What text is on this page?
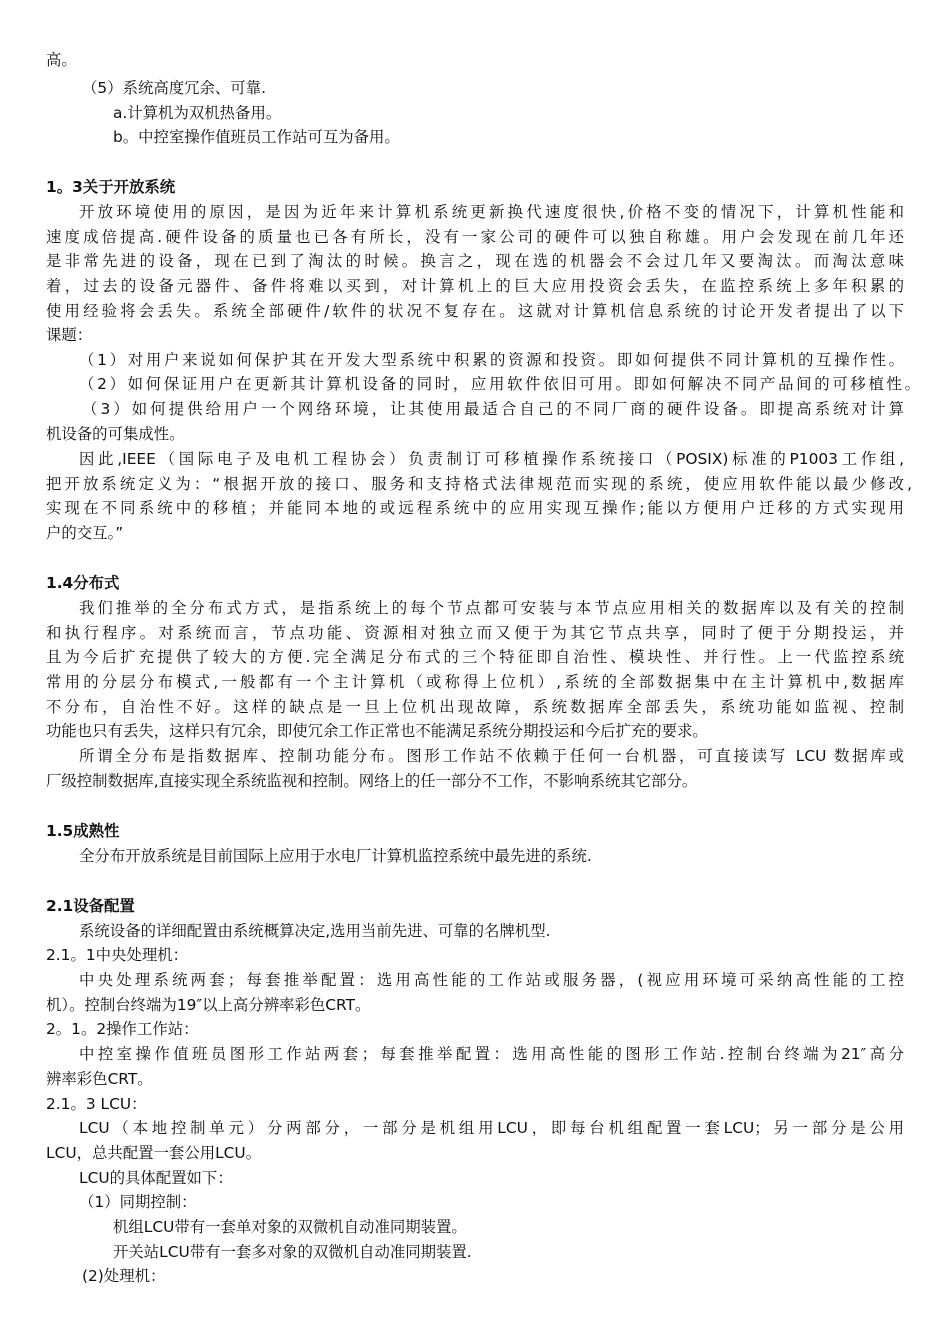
高。
（5）系统高度冗余、可靠.
a.计算机为双机热备用。
b。中控室操作值班员工作站可互为备用。
1。3关于开放系统
开放环境使用的原因，是因为近年来计算机系统更新换代速度很快,价格不变的情况下，计算机性能和
速度成倍提高.硬件设备的质量也已各有所长，没有一家公司的硬件可以独自称雄。用户会发现在前几年还
是非常先进的设备，现在已到了淘汰的时候。换言之，现在选的机器会不会过几年又要淘汰。而淘汰意味
着，过去的设备元器件、备件将难以买到，对计算机上的巨大应用投资会丢失，在监控系统上多年积累的
使用经验将会丢失。系统全部硬件/软件的状况不复存在。这就对计算机信息系统的讨论开发者提出了以下
课题：
（1）对用户来说如何保护其在开发大型系统中积累的资源和投资。即如何提供不同计算机的互操作性。
（2）如何保证用户在更新其计算机设备的同时，应用软件依旧可用。即如何解决不同产品间的可移植性。
（3）如何提供给用户一个网络环境，让其使用最适合自己的不同厂商的硬件设备。即提高系统对计算
机设备的可集成性。
因此,IEEE（国际电子及电机工程协会）负责制订可移植操作系统接口（POSIX)标准的P1003工作组,
把开放系统定义为：“根据开放的接口、服务和支持格式法律规范而实现的系统，使应用软件能以最少修改,
实现在不同系统中的移植；并能同本地的或远程系统中的应用实现互操作;能以方便用户迁移的方式实现用
户的交互。”
1.4分布式
我们推举的全分布式方式，是指系统上的每个节点都可安装与本节点应用相关的数据库以及有关的控制
和执行程序。对系统而言，节点功能、资源相对独立而又便于为其它节点共享，同时了便于分期投运，并
且为今后扩充提供了较大的方便.完全满足分布式的三个特征即自治性、模块性、并行性。上一代监控系统
常用的分层分布模式,一般都有一个主计算机（或称得上位机）,系统的全部数据集中在主计算机中,数据库
不分布，自治性不好。这样的缺点是一旦上位机出现故障，系统数据库全部丢失，系统功能如监视、控制
功能也只有丢失，这样只有冗余，即使冗余工作正常也不能满足系统分期投运和今后扩充的要求。
所谓全分布是指数据库、控制功能分布。图形工作站不依赖于任何一台机器，可直接读写 LCU 数据库或
厂级控制数据库,直接实现全系统监视和控制。网络上的任一部分不工作，不影响系统其它部分。
1.5成熟性
全分布开放系统是目前国际上应用于水电厂计算机监控系统中最先进的系统.
2.1设备配置
系统设备的详细配置由系统概算决定,选用当前先进、可靠的名牌机型.
2.1。1中央处理机：
中央处理系统两套；每套推举配置：选用高性能的工作站或服务器，(视应用环境可采纳高性能的工控
机）。控制台终端为19″以上高分辨率彩色CRT。
2。1。2操作工作站：
中控室操作值班员图形工作站两套；每套推举配置：选用高性能的图形工作站.控制台终端为21″高分
辨率彩色CRT。
2.1。3 LCU：
LCU（本地控制单元）分两部分，一部分是机组用LCU，即每台机组配置一套LCU；另一部分是公用
LCU，总共配置一套公用LCU。
LCU的具体配置如下：
（1）同期控制：
机组LCU带有一套单对象的双微机自动准同期装置。
开关站LCU带有一套多对象的双微机自动准同期装置.
(2)处理机：
